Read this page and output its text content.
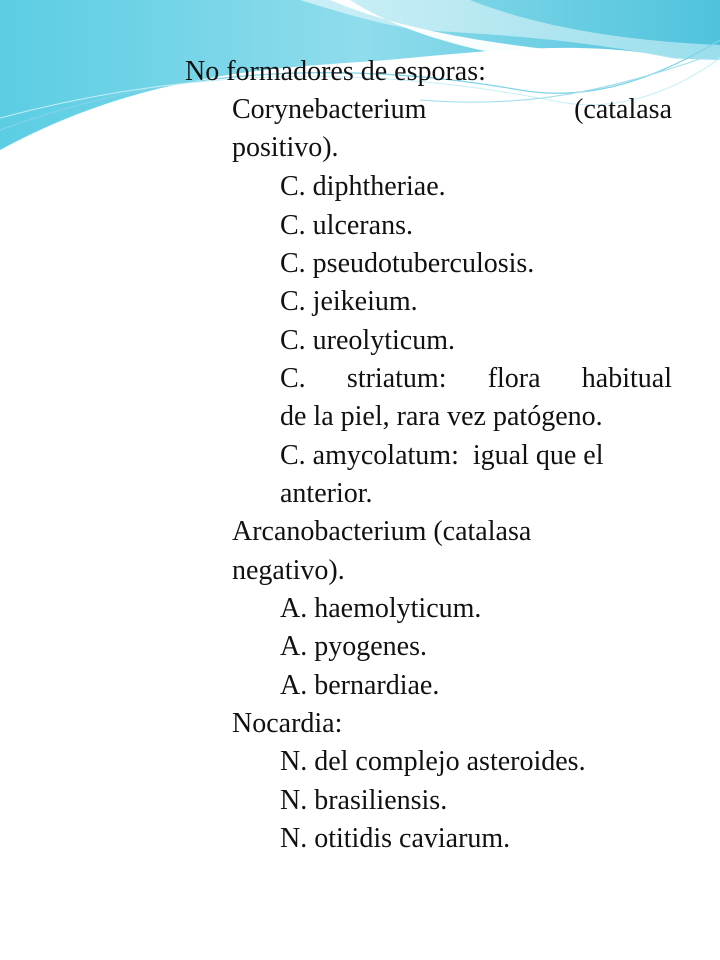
No formadores de esporas:
Corynebacterium	(catalasa
positivo).
C. diphtheriae.
C. ulcerans.
C. pseudotuberculosis.
C. jeikeium.
C. ureolyticum.
C. striatum: flora habitual
de la piel, rara vez patógeno.
C. amycolatum:  igual que el
anterior.
Arcanobacterium (catalasa
negativo).
A. haemolyticum.
A. pyogenes.
A. bernardiae.
Nocardia:
N. del complejo asteroides.
N. brasiliensis.
N. otitidis caviarum.
